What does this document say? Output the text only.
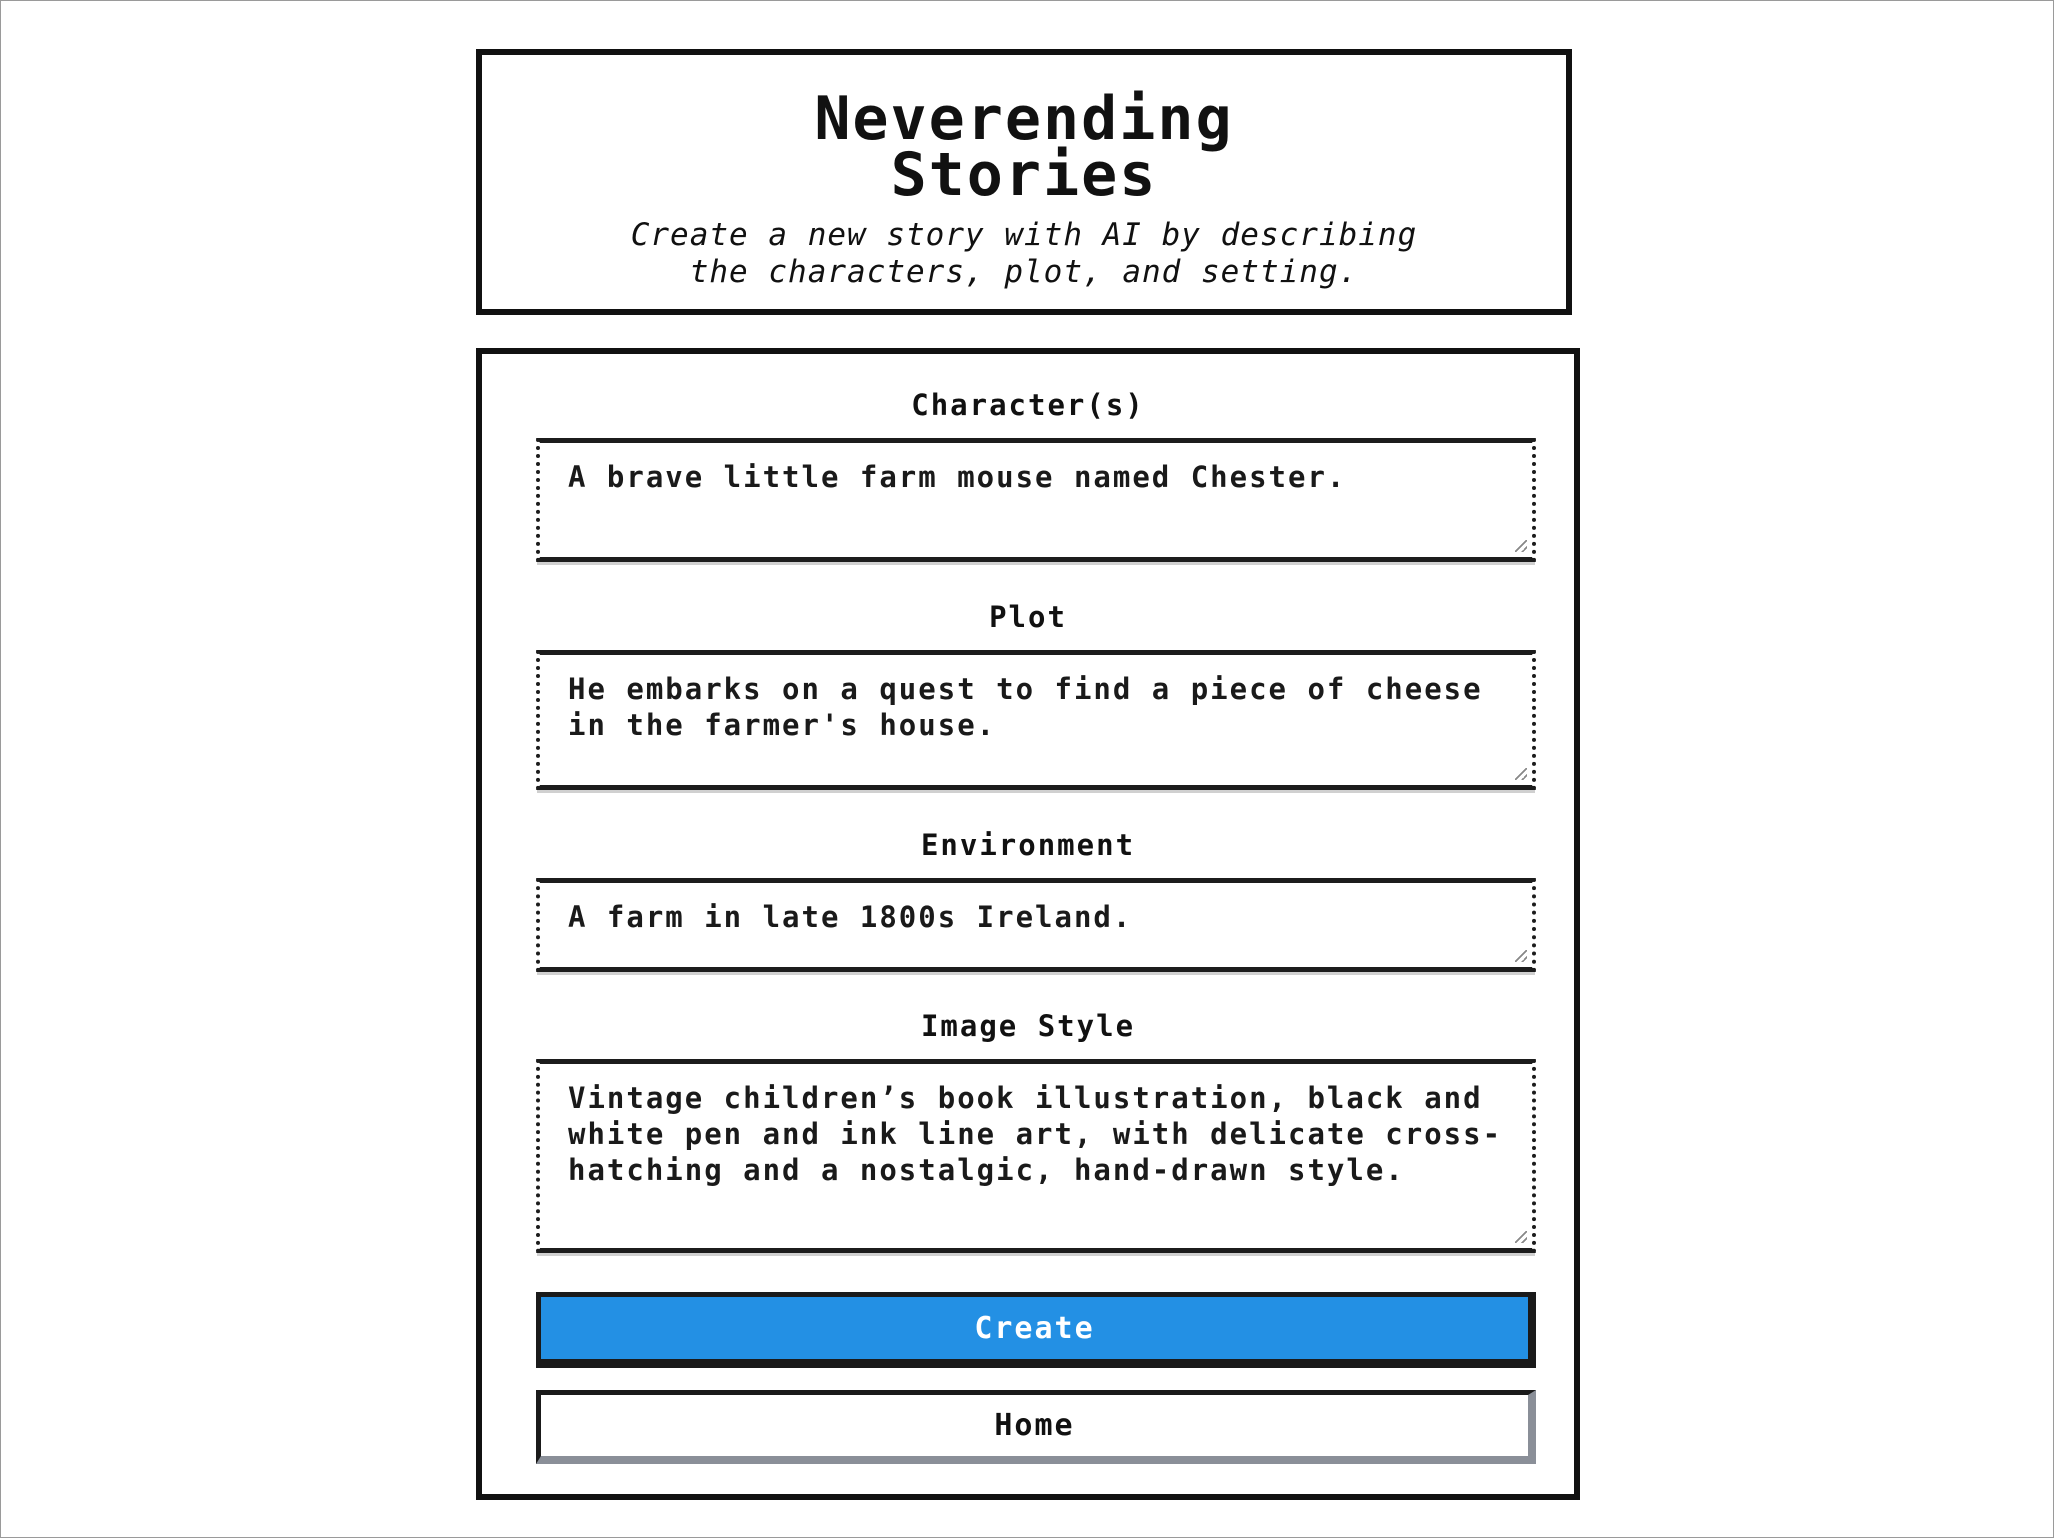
Neverending
Stories
Create a new story with AI by describing
the characters, plot, and setting.
Character(s)
A brave little farm mouse named Chester.
Plot
He embarks on a quest to find a piece of cheese in the farmer's house.
Environment
A farm in late 1800s Ireland.
Image Style
Vintage children’s book illustration, black and white pen and ink line art, with delicate cross-hatching and a nostalgic, hand-drawn style.
Create
Home
